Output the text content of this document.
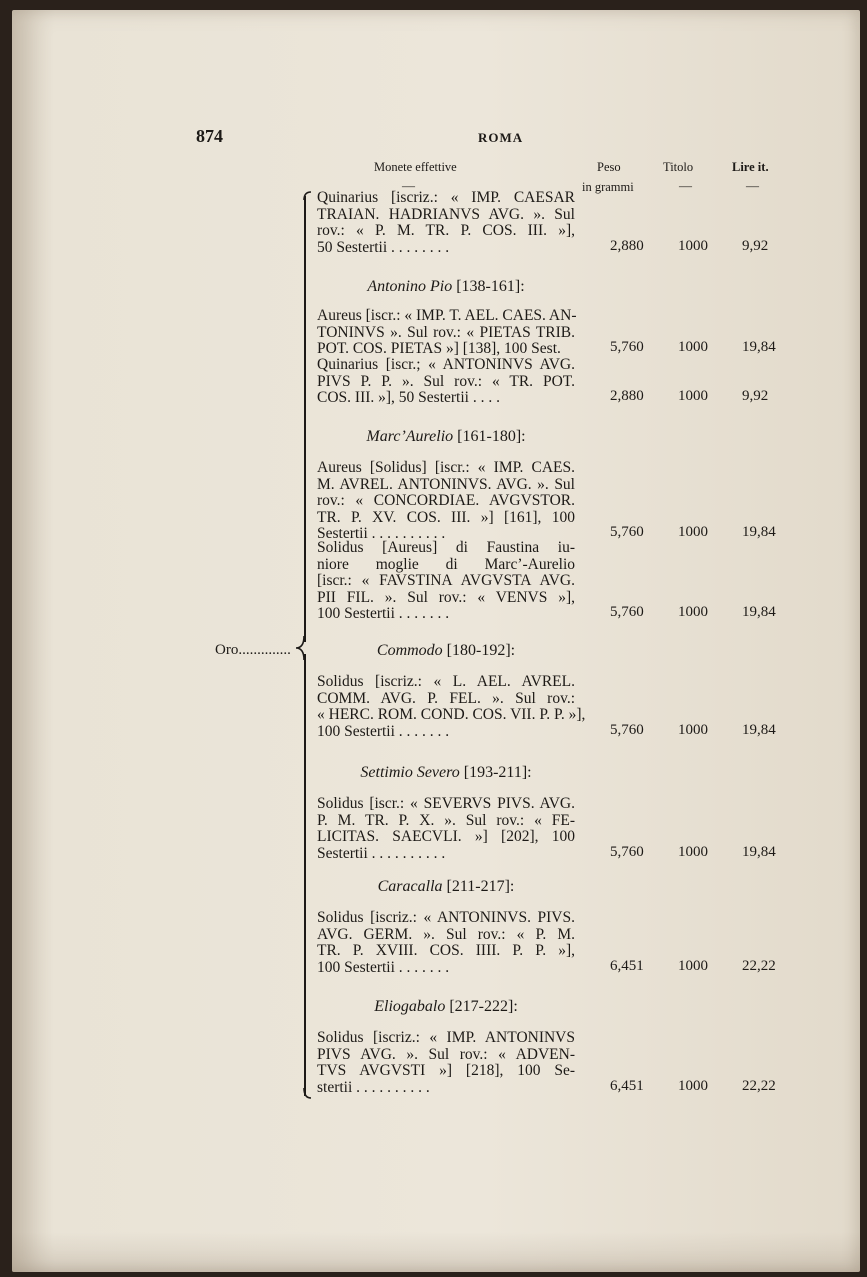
874	ROMA
Monete effettive	Peso	Titolo	Lire it.
—	in grammi	—	—
Oro..............
Quinarius [iscriz.: « IMP. CAESAR
TRAIAN. HADRIANVS AVG. ». Sul
rov.: « P. M. TR. P. COS. III. »],
50 Sestertii . . . . . . . .	2,880 1000 9,92
Antonino Pio [138-161]:
Aureus [iscr.: « IMP. T. AEL. CAES. AN-
TONINVS ». Sul rov.: « PIETAS TRIB.
POT. COS. PIETAS »] [138], 100 Sest.	5,760 1000 19,84
Quinarius [iscr.; « ANTONINVS AVG.
PIVS P. P. ». Sul rov.: « TR. POT.
COS. III. »], 50 Sestertii . . . .	2,880 1000 9,92
Marc’Aurelio [161-180]:
Aureus [Solidus] [iscr.: « IMP. CAES.
M. AVREL. ANTONINVS. AVG. ». Sul
rov.: « CONCORDIAE. AVGVSTOR.
TR. P. XV. COS. III. »] [161], 100
Sestertii . . . . . . . . . .	5,760 1000 19,84
Solidus [Aureus] di Faustina iu-
niore moglie di Marc’-Aurelio
[iscr.: « FAVSTINA AVGVSTA AVG.
PII FIL. ». Sul rov.: « VENVS »],
100 Sestertii . . . . . . .	5,760 1000 19,84
Commodo [180-192]:
Solidus [iscriz.: « L. AEL. AVREL.
COMM. AVG. P. FEL. ». Sul rov.:
« HERC. ROM. COND. COS. VII. P. P. »],
100 Sestertii . . . . . . .	5,760 1000 19,84
Settimio Severo [193-211]:
Solidus [iscr.: « SEVERVS PIVS. AVG.
P. M. TR. P. X. ». Sul rov.: « FE-
LICITAS. SAECVLI. »] [202], 100
Sestertii . . . . . . . . . .	5,760 1000 19,84
Caracalla [211-217]:
Solidus [iscriz.: « ANTONINVS. PIVS.
AVG. GERM. ». Sul rov.: « P. M.
TR. P. XVIII. COS. IIII. P. P. »],
100 Sestertii . . . . . . .	6,451 1000 22,22
Eliogabalo [217-222]:
Solidus [iscriz.: « IMP. ANTONINVS
PIVS AVG. ». Sul rov.: « ADVEN-
TVS AVGVSTI »] [218], 100 Se-
stertii . . . . . . . . . .	6,451 1000 22,22
